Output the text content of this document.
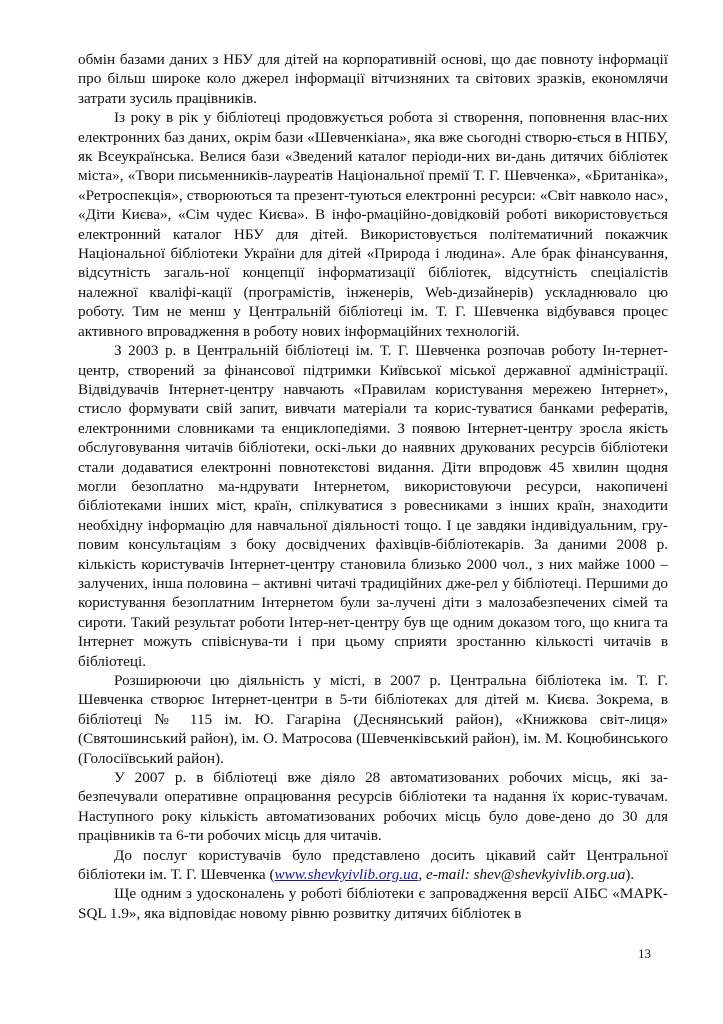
обмін базами даних з НБУ для дітей на корпоративній основі, що дає повноту інформації про більш широке коло джерел інформації вітчизняних та світових зразків, економлячи затрати зусиль працівників.

Із року в рік у бібліотеці продовжується робота зі створення, поповнення влас-них електронних баз даних, окрім бази «Шевченкіана», яка вже сьогодні створю-ється в НПБУ, як Всеукраїнська. Велися бази «Зведений каталог періоди-них ви-дань дитячих бібліотек міста», «Твори письменників-лауреатів Національної премії Т. Г. Шевченка», «Британіка», «Ретроспекція», створюються та презент-туються електронні ресурси: «Світ навколо нас», «Діти Києва», «Сім чудес Києва». В інфо-рмаційно-довідковій роботі використовується електронний каталог НБУ для дітей. Використовується політематичний покажчик Національної бібліотеки України для дітей «Природа і людина». Але брак фінансування, відсутність загаль-ної концепції інформатизації бібліотек, відсутність спеціалістів належної кваліфі-кації (програмістів, інженерів, Web-дизайнерів) ускладнювало цю роботу. Тим не менш у Центральній бібліотеці ім. Т. Г. Шевченка відбувався процес активного впровадження в роботу нових інформаційних технологій.

З 2003 р. в Центральній бібліотеці ім. Т. Г. Шевченка розпочав роботу Ін-тернет-центр, створений за фінансової підтримки Київської міської державної адміністрації. Відвідувачів Інтернет-центру навчають «Правилам користування мережею Інтернет», стисло формувати свій запит, вивчати матеріали та корис-туватися банками рефератів, електронними словниками та енциклопедіями. З появою Інтернет-центру зросла якість обслуговування читачів бібліотеки, оскі-льки до наявних друкованих ресурсів бібліотеки стали додаватися електронні повнотекстові видання. Діти впродовж 45 хвилин щодня могли безоплатно ма-ндрувати Інтернетом, використовуючи ресурси, накопичені бібліотеками інших міст, країн, спілкуватися з ровесниками з інших країн, знаходити необхідну інформацію для навчальної діяльності тощо. І це завдяки індивідуальним, гру-повим консультаціям з боку досвідчених фахівців-бібліотекарів. За даними 2008 р. кількість користувачів Інтернет-центру становила близько 2000 чол., з них майже 1000 – залучених, інша половина – активні читачі традиційних дже-рел у бібліотеці. Першими до користування безоплатним Інтернетом були за-лучені діти з малозабезпечених сімей та сироти. Такий результат роботи Інтер-нет-центру був ще одним доказом того, що книга та Інтернет можуть співіснува-ти і при цьому сприяти зростанню кількості читачів в бібліотеці.

Розширюючи цю діяльність у місті, в 2007 р. Центральна бібліотека ім. Т. Г. Шевченка створює Інтернет-центри в 5-ти бібліотеках для дітей м. Києва. Зокрема, в бібліотеці № 115 ім. Ю. Гагаріна (Деснянський район), «Книжкова світ-лиця» (Святошинський район), ім. О. Матросова (Шевченківський район), ім. М. Коцюбинського (Голосіївський район).

У 2007 р. в бібліотеці вже діяло 28 автоматизованих робочих місць, які за-безпечували оперативне опрацювання ресурсів бібліотеки та надання їх корис-тувачам. Наступного року кількість автоматизованих робочих місць було дове-дено до 30 для працівників та 6-ти робочих місць для читачів.

До послуг користувачів було представлено досить цікавий сайт Центральної бібліотеки ім. Т. Г. Шевченка (www.shevkyivlib.org.ua, e-mail: shev@shevkyivlib.org.ua).

Ще одним з удосконалень у роботі бібліотеки є запровадження версії АІБС «МАРК-SQL 1.9», яка відповідає новому рівню розвитку дитячих бібліотек в

13
